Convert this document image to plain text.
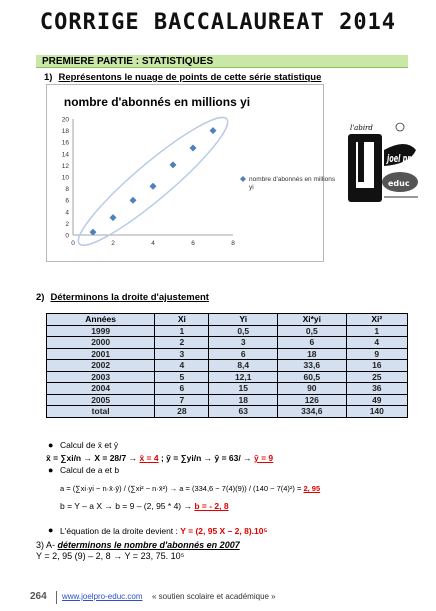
CORRIGE BACCALAUREAT 2014
PREMIERE PARTIE : STATISTIQUES
1) Représentons le nuage de points de cette série statistique
nombre d'abonnés en millions yi
0
2
4
6
8
10
12
14
16
18
20
0	2	4	6	8
nombre d'abonnés en millions
yi
l'abird
joel pro
educ
2) Déterminons la droite d'ajustement
Années	Xi	Yi	Xi*yi	Xi²
1999	1	0,5	0,5	1
2000	2	3	6	4
2001	3	6	18	9
2002	4	8,4	33,6	16
2003	5	12,1	60,5	25
2004	6	15	90	36
2005	7	18	126	49
total	28	63	334,6	140
● Calcul de x̄ et ȳ
x̄ = ∑xi/n → X = 28/7 → x̄ = 4 ; ȳ = ∑yi/n → ȳ = 63/ → ȳ = 9
● Calcul de a et b
a = (∑xi·yi − n·x̄·ȳ) / (∑xi² − n·x̄²) → a = (334,6 − 7(4)(9)) / (140 − 7(4)²) = 2, 95
b = Y – a X → b = 9 – (2, 95 * 4) → b = - 2, 8
● L'équation de la droite devient : Y = (2, 95 X – 2, 8).10⁵
3) A- déterminons le nombre d'abonnés en 2007
Y = 2, 95 (9) – 2, 8 → Y = 23, 75. 10⁵
264 www.joelpro-educ.com « soutien scolaire et académique »
